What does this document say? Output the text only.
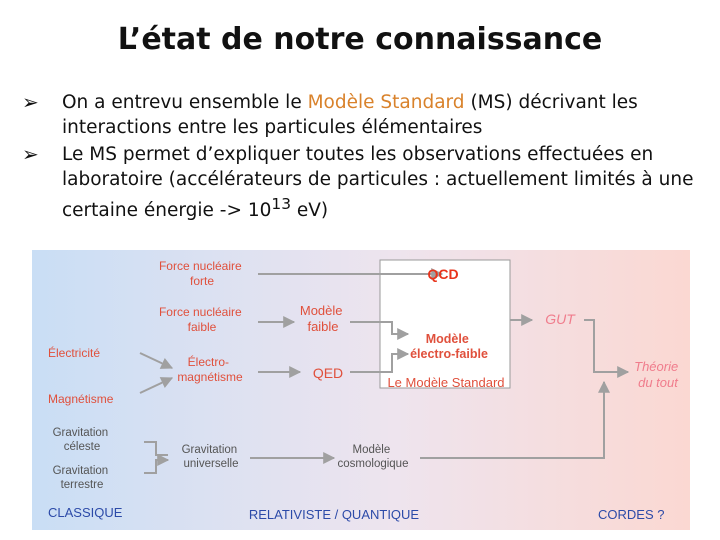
L’état de notre connaissance
➢ On a entrevu ensemble le Modèle Standard (MS) décrivant les interactions entre les particules élémentaires
➢ Le MS permet d’expliquer toutes les observations effectuées en laboratoire (accélérateurs de particules : actuellement limités à une certaine énergie -> $10^{13}$ eV)
Force nucléaire forte
Force nucléaire faible
Électricité
Magnétisme
Électro- magnétisme
Modèle faible
QED
QCD
Modèle électro-faible
Le Modèle Standard
GUT
Théorie du tout
Gravitation céleste
Gravitation terrestre
Gravitation universelle
Modèle cosmologique
CLASSIQUE	RELATIVISTE / QUANTIQUE	CORDES ?
